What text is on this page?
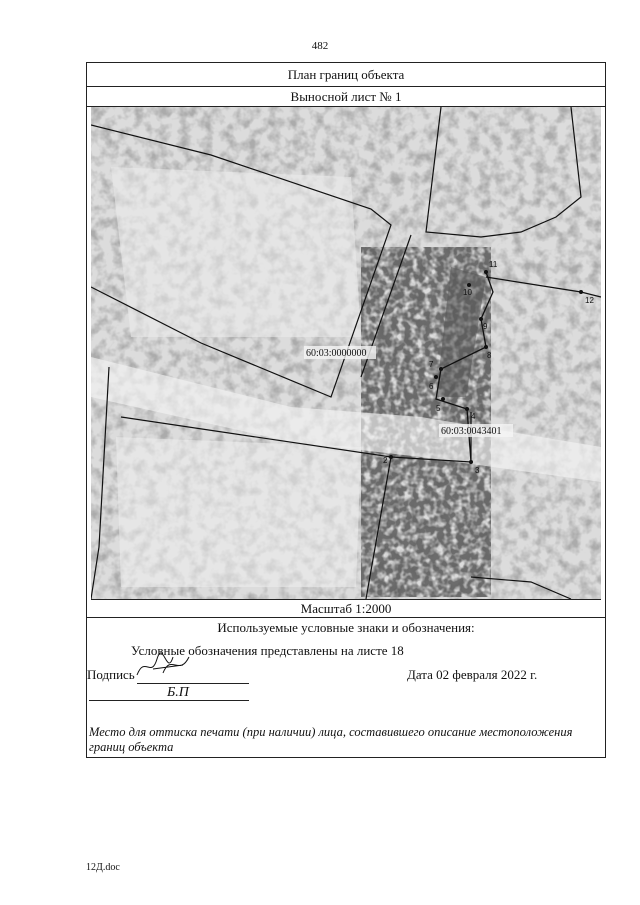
482
План границ объекта
Выносной лист № 1
11
10
9
8
7
6
5
4
3
2
12
60:03:0000000
60:03:0043401
Масштаб 1:2000
Используемые условные знаки и обозначения:
Условные обозначения представлены на листе 18
Подпись	Дата 02 февраля 2022 г.
Б.П
Место для оттиска печати (при наличии) лица, составившего описание местоположения границ объекта
12Д.doc
